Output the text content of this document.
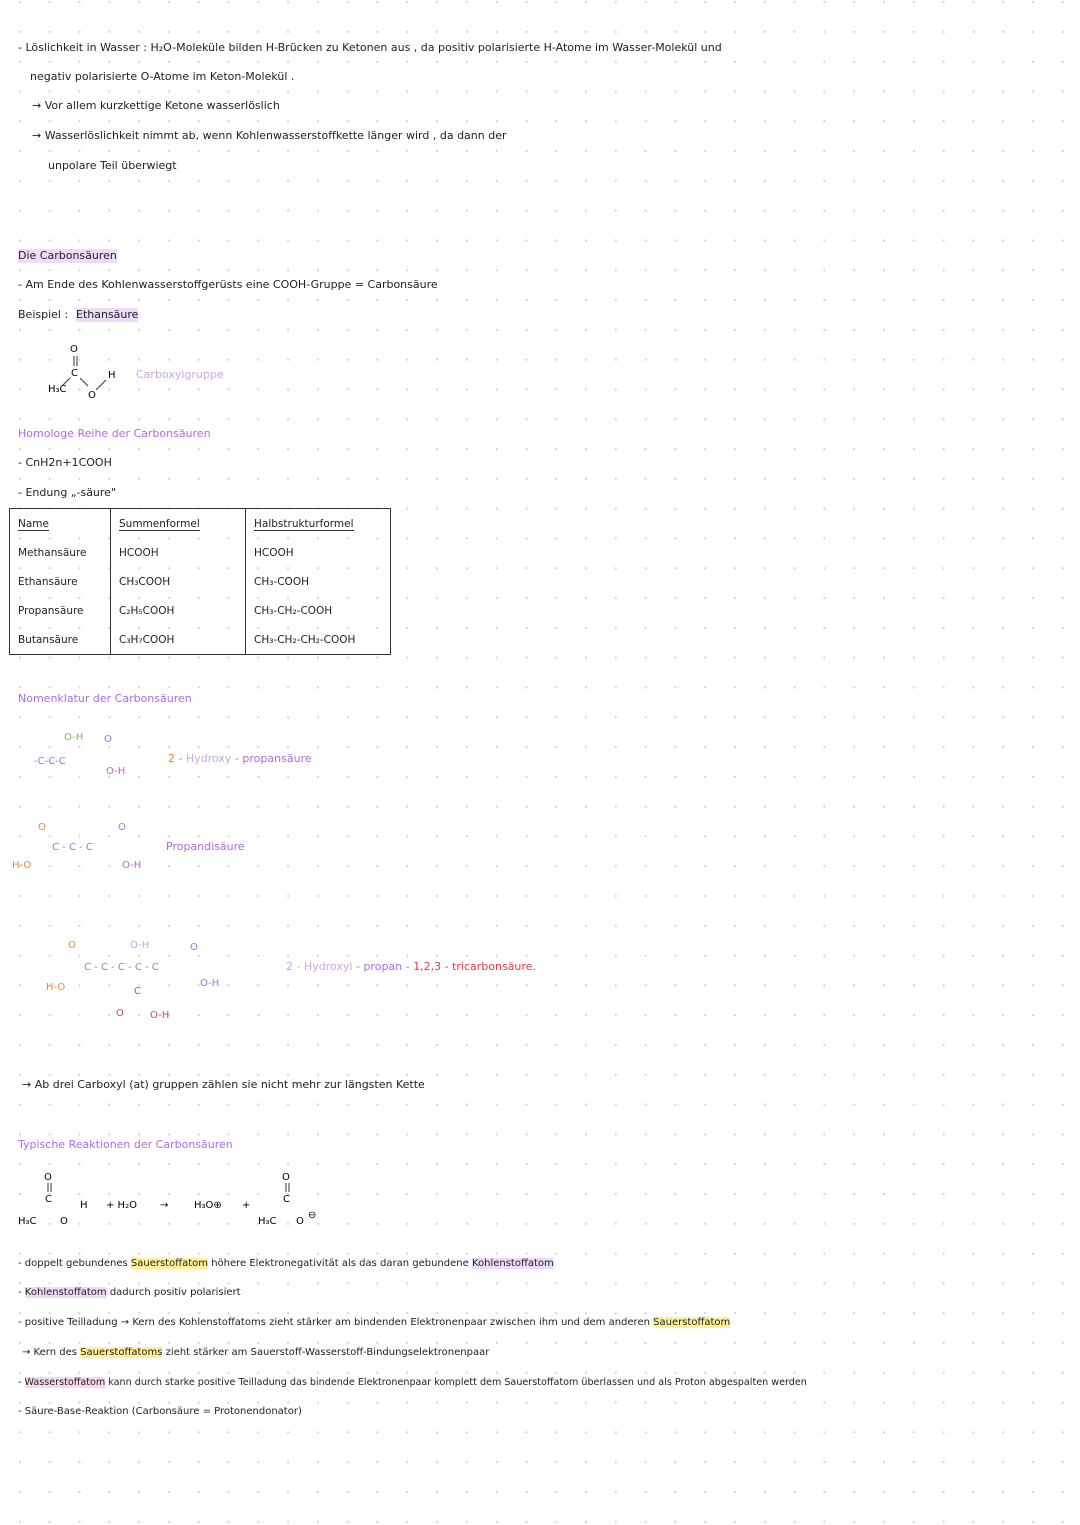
- Löslichkeit in Wasser : H₂O-Moleküle bilden H-Brücken zu Ketonen aus , da positiv polarisierte H-Atome im Wasser-Molekül und
negativ polarisierte O-Atome im Keton-Molekül .
→ Vor allem kurzkettige Ketone wasserlöslich
→ Wasserlöslichkeit nimmt ab, wenn Kohlenwasserstoffkette länger wird , da dann der
unpolare Teil überwiegt
Die Carbonsäuren
- Am Ende des Kohlenwasserstoffgerüsts eine COOH-Gruppe = Carbonsäure
Beispiel : Ethansäure
O
C
H₃C
O
H Carboxylgruppe
Homologe Reihe der Carbonsäuren
- CnH2n+1COOH
- Endung „-säure"
Name	Summenformel	Halbstrukturformel
Methansäure	HCOOH	HCOOH
Ethansäure	CH₃COOH	CH₃-COOH
Propansäure	C₂H₅COOH	CH₃-CH₂-COOH
Butansäure	C₃H₇COOH	CH₃-CH₂-CH₂-COOH
Nomenklatur der Carbonsäuren
O-H O
-C-C-C
O-H
2 - Hydroxy - propansäure
O	O
C - C - C
H-O	O-H
Propandisäure
O	O-H	O
C - C - C - C - C
H-O	O-H
C
O	O-H
2 - Hydroxyl - propan - 1,2,3 - tricarbonsäure.
→ Ab drei Carboxyl (at) gruppen zählen sie nicht mehr zur längsten Kette
Typische Reaktionen der Carbonsäuren
O
C
H₃C O
H + H₂O →	H₃O⊕ +
O
C
H₃C O
⊖
- doppelt gebundenes Sauerstoffatom höhere Elektronegativität als das daran gebundene Kohlenstoffatom
- Kohlenstoffatom dadurch positiv polarisiert
- positive Teilladung → Kern des Kohlenstoffatoms zieht stärker am bindenden Elektronenpaar zwischen ihm und dem anderen Sauerstoffatom
→ Kern des Sauerstoffatoms zieht stärker am Sauerstoff-Wasserstoff-Bindungselektronenpaar
- Wasserstoffatom kann durch starke positive Teilladung das bindende Elektronenpaar komplett dem Sauerstoffatom überlassen und als Proton abgespalten werden
- Säure-Base-Reaktion (Carbonsäure = Protonendonator)
